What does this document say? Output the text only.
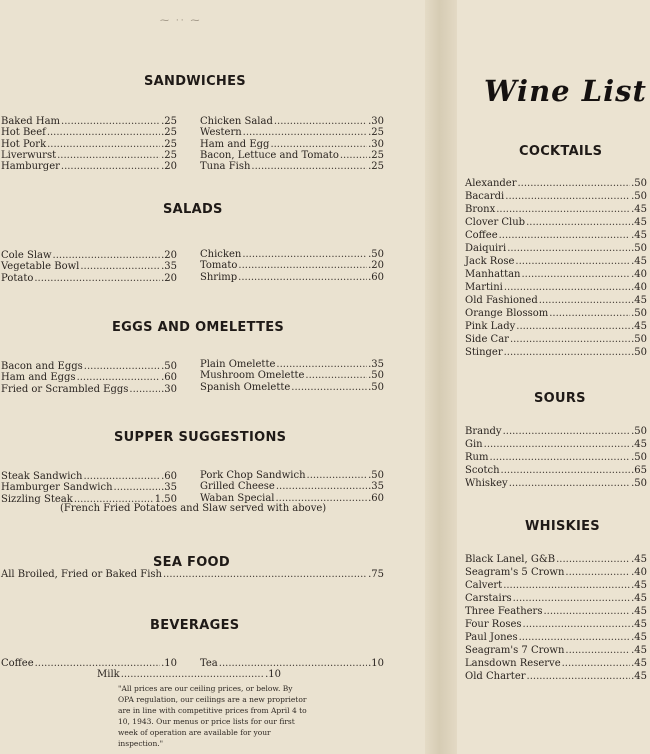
⁓ ·· ⁓
SANDWICHES
Baked Ham .....	.25
Hot Beef .....	.25
Hot Pork .....	.25
Liverwurst .....	.25
Hamburger .....	.20
Chicken Salad .....	.30
Western .....	.25
Ham and Egg .....	.30
Bacon, Lettuce and Tomato .....	.25
Tuna Fish .....	.25
SALADS
Cole Slaw .....	.20
Vegetable Bowl .....	.35
Potato .....	.20
Chicken .....	.50
Tomato .....	.20
Shrimp .....	.60
EGGS AND OMELETTES
Bacon and Eggs .....	.50
Ham and Eggs .....	.60
Fried or Scrambled Eggs .....	.30
Plain Omelette .....	.35
Mushroom Omelette .....	.50
Spanish Omelette .....	.50
SUPPER SUGGESTIONS
Steak Sandwich .....	.60
Hamburger Sandwich .....	.35
Sizzling Steak .....	1.50
Pork Chop Sandwich .....	.50
Grilled Cheese .....	.35
Waban Special .....	.60
(French Fried Potatoes and Slaw served with above)
SEA FOOD
All Broiled, Fried or Baked Fish .....	.75
BEVERAGES
Coffee .....	.10 Tea .....	.10
Milk .....	.10
"All prices are our ceiling prices, or below. By OPA regulation, our ceilings are a new proprietor are in line with competitive prices from April 4 to 10, 1943. Our menus or price lists for our first week of operation are available for your inspection."
Wine List
COCKTAILS
Alexander .....	.50
Bacardi .....	.50
Bronx .....	.45
Clover Club .....	.45
Coffee .....	.45
Daiquiri .....	.50
Jack Rose .....	.45
Manhattan .....	.40
Martini .....	.40
Old Fashioned .....	.45
Orange Blossom .....	.50
Pink Lady .....	.45
Side Car .....	.50
Stinger .....	.50
SOURS
Brandy .....	.50
Gin .....	.45
Rum .....	.50
Scotch .....	.65
Whiskey .....	.50
WHISKIES
Black Lanel, G&B .....	.45
Seagram's 5 Crown .....	.40
Calvert .....	.45
Carstairs .....	.45
Three Feathers .....	.45
Four Roses .....	.45
Paul Jones .....	.45
Seagram's 7 Crown .....	.45
Lansdown Reserve .....	.45
Old Charter .....	.45
